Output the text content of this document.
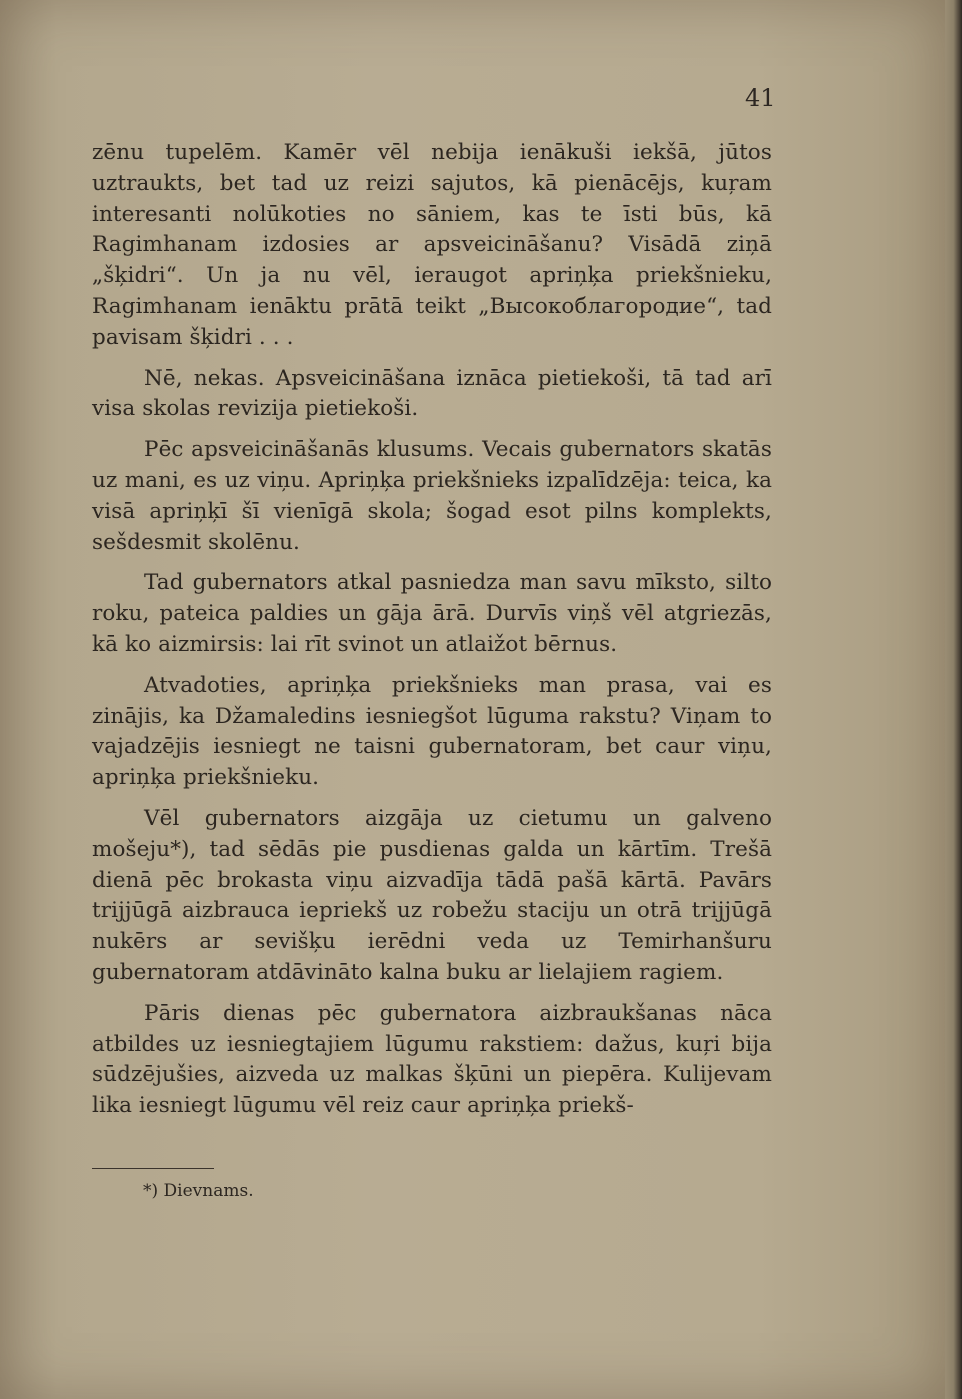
41

zēnu tupelēm. Kamēr vēl nebija ienākuši iekšā, jūtos uztraukts, bet tad uz reizi sajutos, kā pienācējs, kuŗam interesanti nolūkoties no sāniem, kas te īsti būs, kā Ragimhanam izdosies ar apsveicināšanu? Visādā ziņā „šķidri“. Un ja nu vēl, ieraugot apriņķa priekšnieku, Ragimhanam ienāktu prātā teikt „Высокоблагородие“, tad pavisam šķidri . . .

Nē, nekas. Apsveicināšana iznāca pietiekoši, tā tad arī visa skolas revizija pietiekoši.

Pēc apsveicināšanās klusums. Vecais gubernators skatās uz mani, es uz viņu. Apriņķa priekšnieks izpalīdzēja: teica, ka visā apriņķī šī vienīgā skola; šogad esot pilns komplekts, sešdesmit skolēnu.

Tad gubernators atkal pasniedza man savu mīksto, silto roku, pateica paldies un gāja ārā. Durvīs viņš vēl atgriezās, kā ko aizmirsis: lai rīt svinot un atlaižot bērnus.

Atvadoties, apriņķa priekšnieks man prasa, vai es zinājis, ka Džamaledins iesniegšot lūguma rakstu? Viņam to vajadzējis iesniegt ne taisni gubernatoram, bet caur viņu, apriņķa priekšnieku.

Vēl gubernators aizgāja uz cietumu un galveno mošeju*), tad sēdās pie pusdienas galda un kārtīm. Trešā dienā pēc brokasta viņu aizvadīja tādā pašā kārtā. Pavārs trijjūgā aizbrauca iepriekš uz robežu staciju un otrā trijjūgā nukērs ar sevišķu ierēdni veda uz Temirhanšuru gubernatoram atdāvināto kalna buku ar lielajiem ragiem.

Pāris dienas pēc gubernatora aizbraukšanas nāca atbildes uz iesniegtajiem lūgumu rakstiem: dažus, kuŗi bija sūdzējušies, aizveda uz malkas šķūni un piepēra. Kulijevam lika iesniegt lūgumu vēl reiz caur apriņķa priekš-

*) Dievnams.
